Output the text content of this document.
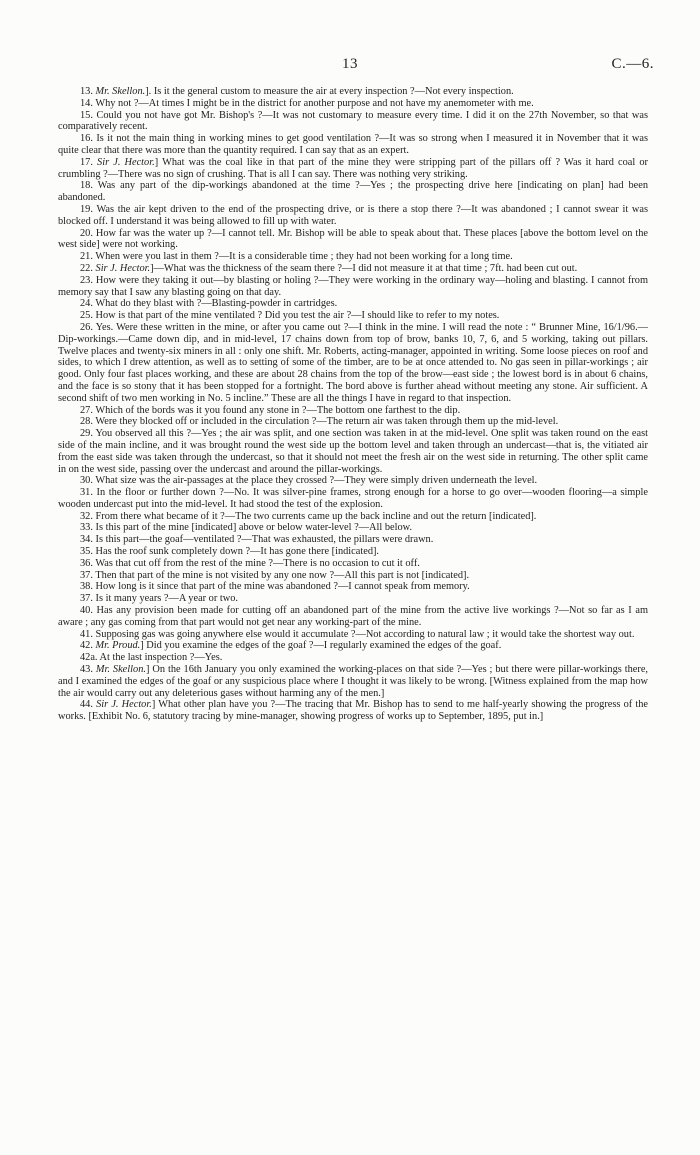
13	C.—6.

13. Mr. Skellon.]. Is it the general custom to measure the air at every inspection ?—Not every inspection.

14. Why not ?—At times I might be in the district for another purpose and not have my anemometer with me.

15. Could you not have got Mr. Bishop's ?—It was not customary to measure every time. I did it on the 27th November, so that was comparatively recent.

16. Is it not the main thing in working mines to get good ventilation ?—It was so strong when I measured it in November that it was quite clear that there was more than the quantity required. I can say that as an expert.

17. Sir J. Hector.] What was the coal like in that part of the mine they were stripping part of the pillars off ? Was it hard coal or crumbling ?—There was no sign of crushing. That is all I can say. There was nothing very striking.

18. Was any part of the dip-workings abandoned at the time ?—Yes ; the prospecting drive here [indicating on plan] had been abandoned.

19. Was the air kept driven to the end of the prospecting drive, or is there a stop there ?—It was abandoned ; I cannot swear it was blocked off. I understand it was being allowed to fill up with water.

20. How far was the water up ?—I cannot tell. Mr. Bishop will be able to speak about that. These places [above the bottom level on the west side] were not working.

21. When were you last in them ?—It is a considerable time ; they had not been working for a long time.

22. Sir J. Hector.]—What was the thickness of the seam there ?—I did not measure it at that time ; 7ft. had been cut out.

23. How were they taking it out—by blasting or holing ?—They were working in the ordinary way—holing and blasting. I cannot from memory say that I saw any blasting going on that day.

24. What do they blast with ?—Blasting-powder in cartridges.

25. How is that part of the mine ventilated ? Did you test the air ?—I should like to refer to my notes.

26. Yes. Were these written in the mine, or after you came out ?—I think in the mine. I will read the note : “ Brunner Mine, 16/1/96.—Dip-workings.—Came down dip, and in mid-level, 17 chains down from top of brow, banks 10, 7, 6, and 5 working, taking out pillars. Twelve places and twenty-six miners in all : only one shift. Mr. Roberts, acting-manager, appointed in writing. Some loose pieces on roof and sides, to which I drew attention, as well as to setting of some of the timber, are to be at once attended to. No gas seen in pillar-workings ; air good. Only four fast places working, and these are about 28 chains from the top of the brow—east side ; the lowest bord is in about 6 chains, and the face is so stony that it has been stopped for a fortnight. The bord above is further ahead without meeting any stone. Air sufficient. A second shift of two men working in No. 5 incline.” These are all the things I have in regard to that inspection.

27. Which of the bords was it you found any stone in ?—The bottom one farthest to the dip.

28. Were they blocked off or included in the circulation ?—The return air was taken through them up the mid-level.

29. You observed all this ?—Yes ; the air was split, and one section was taken in at the mid-level. One split was taken round on the east side of the main incline, and it was brought round the west side up the bottom level and taken through an undercast—that is, the vitiated air from the east side was taken through the undercast, so that it should not meet the fresh air on the west side in returning. The other split came in on the west side, passing over the undercast and around the pillar-workings.

30. What size was the air-passages at the place they crossed ?—They were simply driven underneath the level.

31. In the floor or further down ?—No. It was silver-pine frames, strong enough for a horse to go over—wooden flooring—a simple wooden undercast put into the mid-level. It had stood the test of the explosion.

32. From there what became of it ?—The two currents came up the back incline and out the return [indicated].

33. Is this part of the mine [indicated] above or below water-level ?—All below.

34. Is this part—the goaf—ventilated ?—That was exhausted, the pillars were drawn.

35. Has the roof sunk completely down ?—It has gone there [indicated].

36. Was that cut off from the rest of the mine ?—There is no occasion to cut it off.

37. Then that part of the mine is not visited by any one now ?—All this part is not [indicated].

38. How long is it since that part of the mine was abandoned ?—I cannot speak from memory.

37. Is it many years ?—A year or two.

40. Has any provision been made for cutting off an abandoned part of the mine from the active live workings ?—Not so far as I am aware ; any gas coming from that part would not get near any working-part of the mine.

41. Supposing gas was going anywhere else would it accumulate ?—Not according to natural law ; it would take the shortest way out.

42. Mr. Proud.] Did you examine the edges of the goaf ?—I regularly examined the edges of the goaf.

42a. At the last inspection ?—Yes.

43. Mr. Skellon.] On the 16th January you only examined the working-places on that side ?—Yes ; but there were pillar-workings there, and I examined the edges of the goaf or any suspicious place where I thought it was likely to be wrong. [Witness explained from the map how the air would carry out any deleterious gases without harming any of the men.]

44. Sir J. Hector.] What other plan have you ?—The tracing that Mr. Bishop has to send to me half-yearly showing the progress of the works. [Exhibit No. 6, statutory tracing by mine-manager, showing progress of works up to September, 1895, put in.]
